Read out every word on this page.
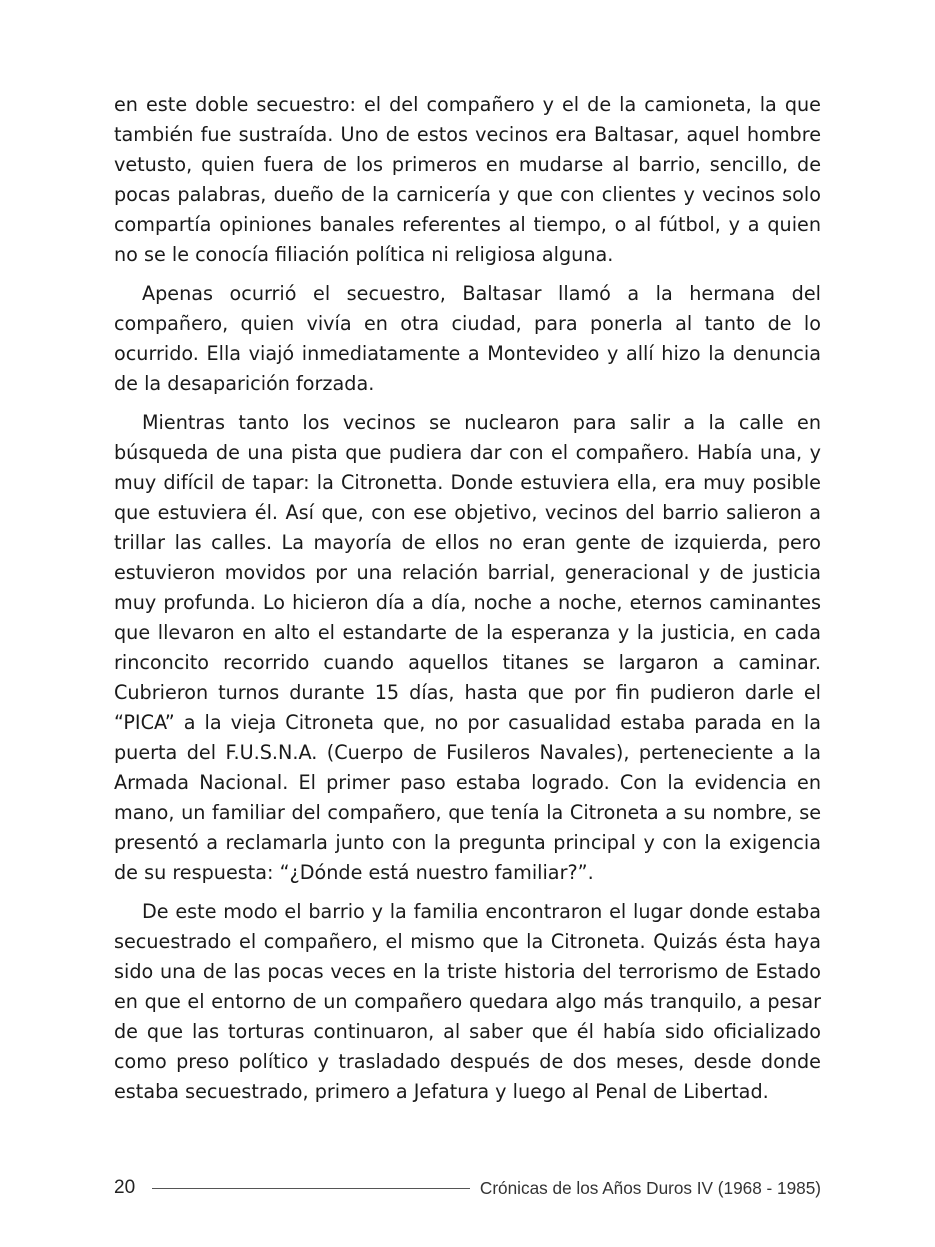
en este doble secuestro: el del compañero y el de la camioneta, la que también fue sustraída. Uno de estos vecinos era Baltasar, aquel hombre vetusto, quien fuera de los primeros en mudarse al barrio, sencillo, de pocas palabras, dueño de la carnicería y que con clientes y vecinos solo compartía opiniones banales referentes al tiempo, o al fútbol, y a quien no se le conocía filiación política ni religiosa alguna.

Apenas ocurrió el secuestro, Baltasar llamó a la hermana del compañero, quien vivía en otra ciudad, para ponerla al tanto de lo ocurrido. Ella viajó inmediatamente a Montevideo y allí hizo la denuncia de la desaparición forzada.

Mientras tanto los vecinos se nuclearon para salir a la calle en búsqueda de una pista que pudiera dar con el compañero. Había una, y muy difícil de tapar: la Citronetta. Donde estuviera ella, era muy posible que estuviera él. Así que, con ese objetivo, vecinos del barrio salieron a trillar las calles. La mayoría de ellos no eran gente de izquierda, pero estuvieron movidos por una relación barrial, generacional y de justicia muy profunda. Lo hicieron día a día, noche a noche, eternos caminantes que llevaron en alto el estandarte de la esperanza y la justicia, en cada rinconcito recorrido cuando aquellos titanes se largaron a caminar. Cubrieron turnos durante 15 días, hasta que por fin pudieron darle el “PICA” a la vieja Citroneta que, no por casualidad estaba parada en la puerta del F.U.S.N.A. (Cuerpo de Fusileros Navales), perteneciente a la Armada Nacional. El primer paso estaba logrado. Con la evidencia en mano, un familiar del compañero, que tenía la Citroneta a su nombre, se presentó a reclamarla junto con la pregunta principal y con la exigencia de su respuesta: “¿Dónde está nuestro familiar?”.

De este modo el barrio y la familia encontraron el lugar donde estaba secuestrado el compañero, el mismo que la Citroneta. Quizás ésta haya sido una de las pocas veces en la triste historia del terrorismo de Estado en que el entorno de un compañero quedara algo más tranquilo, a pesar de que las torturas continuaron, al saber que él había sido oficializado como preso político y trasladado después de dos meses, desde donde estaba secuestrado, primero a Jefatura y luego al Penal de Libertad.

20	Crónicas de los Años Duros IV (1968 - 1985)
